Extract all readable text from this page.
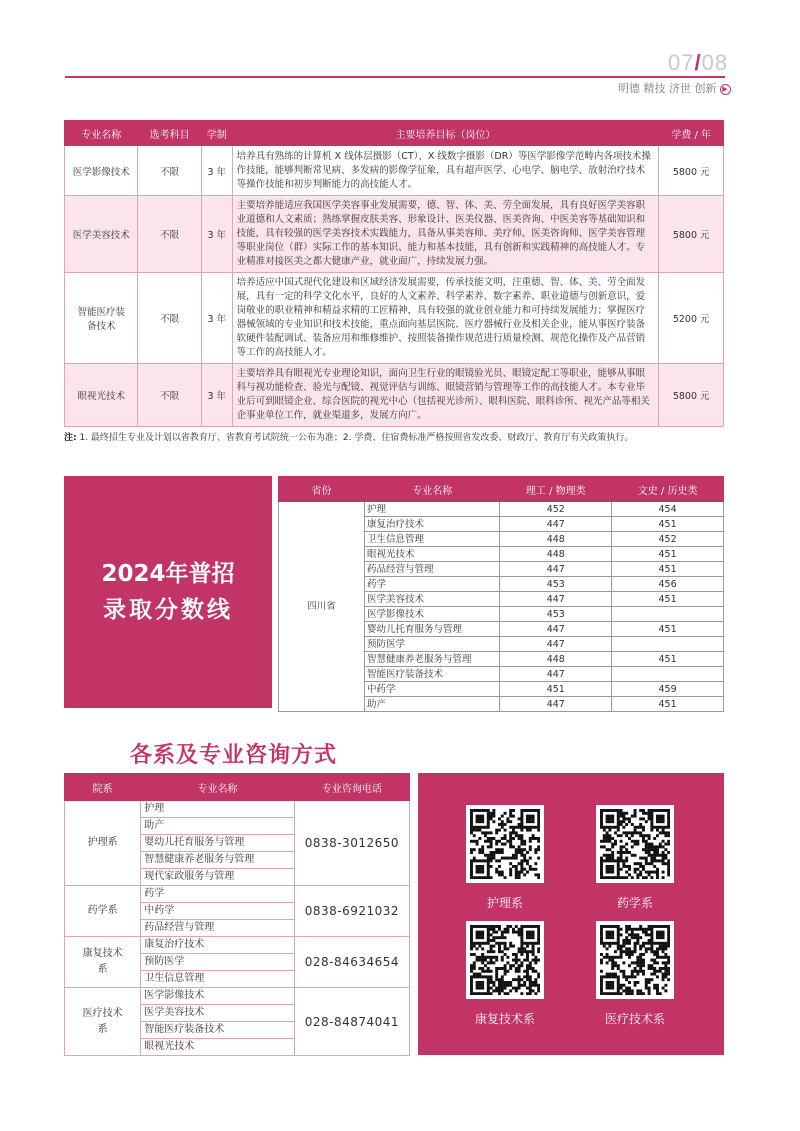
07/08
明德 精技 济世 创新 ▶
专业名称	选考科目	学制	主要培养目标（岗位）	学费 / 年
医学影像技术	不限	3 年	培养具有熟练的计算机 X 线体层摄影（CT）、X 线数字摄影（DR）等医学影像学范畴内各项技术操作技能，能够判断常见病、多发病的影像学征象，具有超声医学、心电学、脑电学、放射治疗技术等操作技能和初步判断能力的高技能人才。	5800 元
医学美容技术	不限	3 年	主要培养能适应我国医学美容事业发展需要，德、智、体、美、劳全面发展，具有良好医学美容职业道德和人文素质；熟练掌握皮肤美容、形象设计、医美仪器、医美咨询、中医美容等基础知识和技能，具有较强的医学美容技术实践能力，具备从事美容师、美疗师、医美咨询师、医学美容管理等职业岗位（群）实际工作的基本知识、能力和基本技能，具有创新和实践精神的高技能人才。专业精准对接医美之都大健康产业，就业面广，持续发展力强。	5800 元
智能医疗装备技术	不限	3 年	培养适应中国式现代化建设和区域经济发展需要，传承技能文明，注重德、智、体、美、劳全面发展，具有一定的科学文化水平，良好的人文素养、科学素养、数字素养、职业道德与创新意识，爱岗敬业的职业精神和精益求精的工匠精神，具有较强的就业创业能力和可持续发展能力；掌握医疗器械领域的专业知识和技术技能，重点面向基层医院、医疗器械行业及相关企业，能从事医疗装备软硬件装配调试、装备应用和维修维护、按照装备操作规范进行质量检测、规范化操作及产品营销等工作的高技能人才。	5200 元
眼视光技术	不限	3 年	主要培养具有眼视光专业理论知识，面向卫生行业的眼镜验光员、眼镜定配工等职业，能够从事眼科与视功能检查、验光与配镜、视觉评估与训练、眼镜营销与管理等工作的高技能人才。本专业毕业后可到眼镜企业、综合医院的视光中心（包括视光诊所）、眼科医院、眼科诊所、视光产品等相关企事业单位工作，就业渠道多，发展方向广。	5800 元
注: 1. 最终招生专业及计划以省教育厅、省教育考试院统一公布为准；2. 学费、住宿费标准严格按照省发改委、财政厅、教育厅有关政策执行。
2024年普招
录取分数线
省份	专业名称	理工 / 物理类	文史 / 历史类
四川省	护理	452	454
	康复治疗技术	447	451
	卫生信息管理	448	452
	眼视光技术	448	451
	药品经营与管理	447	451
	药学	453	456
	医学美容技术	447	451
	医学影像技术	453	
	婴幼儿托育服务与管理	447	451
	预防医学	447	
	智慧健康养老服务与管理	448	451
	智能医疗装备技术	447	
	中药学	451	459
	助产	447	451
各系及专业咨询方式
院系	专业名称	专业咨询电话
护理系	护理	0838-3012650
	助产	
	婴幼儿托育服务与管理	
	智慧健康养老服务与管理	
	现代家政服务与管理	
药学系	药学	0838-6921032
	中药学	
	药品经营与管理	
康复技术系	康复治疗技术	028-84634654
	预防医学	
	卫生信息管理	
医疗技术系	医学影像技术	028-84874041
	医学美容技术	
	智能医疗装备技术	
	眼视光技术	
护理系	药学系
康复技术系	医疗技术系
